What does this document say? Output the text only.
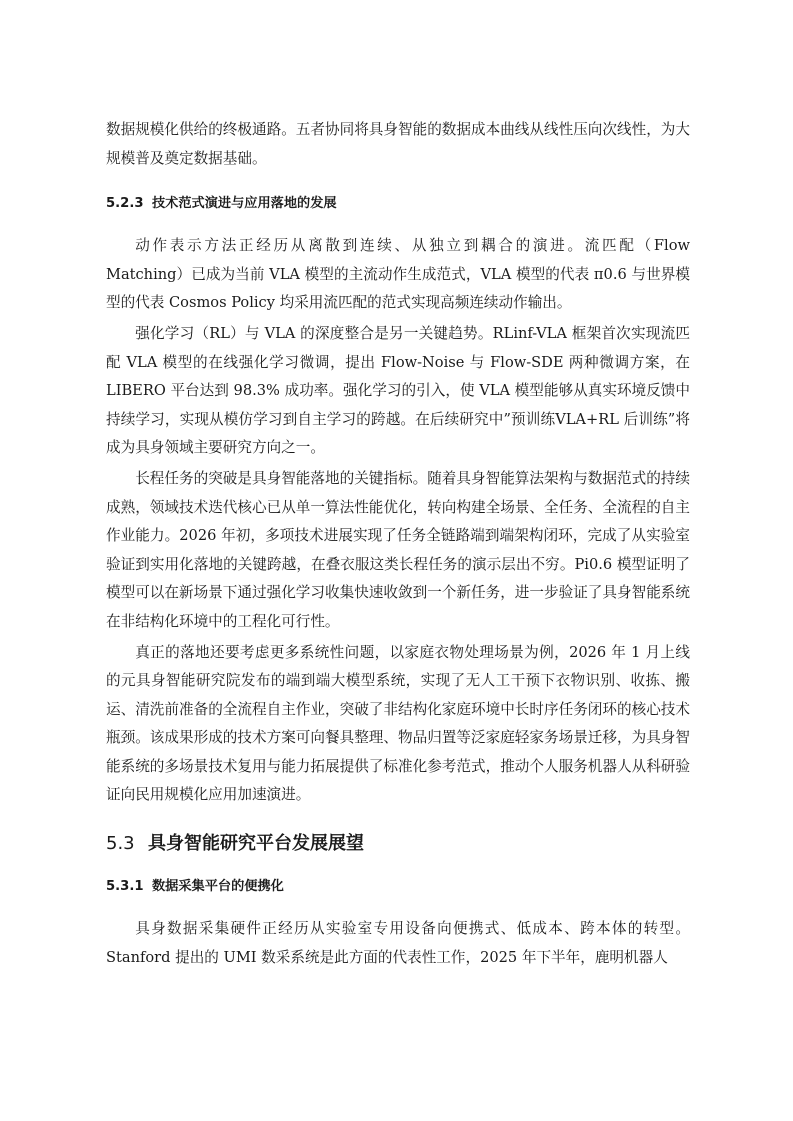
数据规模化供给的终极通路。五者协同将具身智能的数据成本曲线从线性压向次线性，为大规模普及奠定数据基础。

5.2.3 技术范式演进与应用落地的发展

动作表示方法正经历从离散到连续、从独立到耦合的演进。流匹配（Flow Matching）已成为当前 VLA 模型的主流动作生成范式，VLA 模型的代表 π0.6 与世界模型的代表 Cosmos Policy 均采用流匹配的范式实现高频连续动作输出。

强化学习（RL）与 VLA 的深度整合是另一关键趋势。RLinf-VLA 框架首次实现流匹配 VLA 模型的在线强化学习微调，提出 Flow-Noise 与 Flow-SDE 两种微调方案，在 LIBERO 平台达到 98.3% 成功率。强化学习的引入，使 VLA 模型能够从真实环境反馈中持续学习，实现从模仿学习到自主学习的跨越。在后续研究中”预训练VLA+RL 后训练”将成为具身领域主要研究方向之一。

长程任务的突破是具身智能落地的关键指标。随着具身智能算法架构与数据范式的持续成熟，领域技术迭代核心已从单一算法性能优化，转向构建全场景、全任务、全流程的自主作业能力。2026 年初，多项技术进展实现了任务全链路端到端架构闭环，完成了从实验室验证到实用化落地的关键跨越，在叠衣服这类长程任务的演示层出不穷。Pi0.6 模型证明了模型可以在新场景下通过强化学习收集快速收敛到一个新任务，进一步验证了具身智能系统在非结构化环境中的工程化可行性。

真正的落地还要考虑更多系统性问题，以家庭衣物处理场景为例，2026 年 1 月上线的元具身智能研究院发布的端到端大模型系统，实现了无人工干预下衣物识别、收拣、搬运、清洗前准备的全流程自主作业，突破了非结构化家庭环境中长时序任务闭环的核心技术瓶颈。该成果形成的技术方案可向餐具整理、物品归置等泛家庭轻家务场景迁移，为具身智能系统的多场景技术复用与能力拓展提供了标准化参考范式，推动个人服务机器人从科研验证向民用规模化应用加速演进。

5.3 具身智能研究平台发展展望
5.3.1 数据采集平台的便携化

具身数据采集硬件正经历从实验室专用设备向便携式、低成本、跨本体的转型。Stanford 提出的 UMI 数采系统是此方面的代表性工作，2025 年下半年，鹿明机器人
